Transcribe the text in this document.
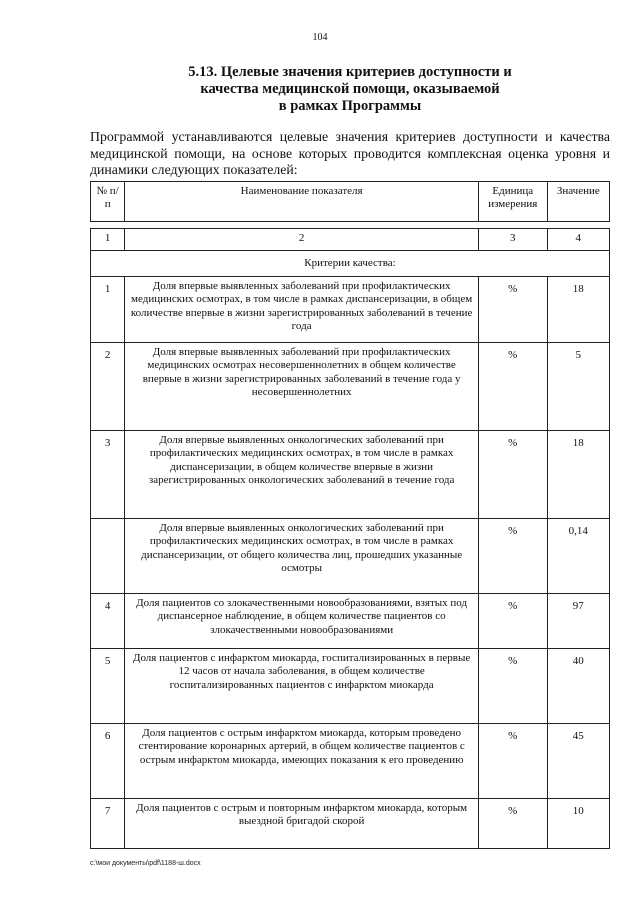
104
5.13. Целевые значения критериев доступности и
качества медицинской помощи, оказываемой
в рамках Программы
Программой устанавливаются целевые значения критериев доступности и качества медицинской помощи, на основе которых проводится комплексная оценка уровня и динамики следующих показателей:
№ п/п	Наименование показателя	Единица измерения	Значение

1	2	3	4
Критерии качества:			
1	Доля впервые выявленных заболеваний при профилактических медицинских осмотрах, в том числе в рамках диспансеризации, в общем количестве впервые в жизни зарегистрированных заболеваний в течение года	%	18
2	Доля впервые выявленных заболеваний при профилактических медицинских осмотрах несовершеннолетних в общем количестве впервые в жизни зарегистрированных заболеваний в течение года у несовершеннолетних	%	5
3	Доля впервые выявленных онкологических заболеваний при профилактических медицинских осмотрах, в том числе в рамках диспансеризации, в общем количестве впервые в жизни зарегистрированных онкологических заболеваний в течение года	%	18
	Доля впервые выявленных онкологических заболеваний при профилактических медицинских осмотрах, в том числе в рамках диспансеризации, от общего количества лиц, прошедших указанные осмотры	%	0,14
4	Доля пациентов со злокачественными новообразованиями, взятых под диспансерное наблюдение, в общем количестве пациентов со злокачественными новообразованиями	%	97
5	Доля пациентов с инфарктом миокарда, госпитализированных в первые 12 часов от начала заболевания, в общем количестве госпитализированных пациентов с инфарктом миокарда	%	40
6	Доля пациентов с острым инфарктом миокарда, которым проведено стентирование коронарных артерий, в общем количестве пациентов с острым инфарктом миокарда, имеющих показания к его проведению	%	45
7	Доля пациентов с острым и повторным инфарктом миокарда, которым выездной бригадой скорой	%	10
c:\мои документы\pdf\1188-ш.docx
